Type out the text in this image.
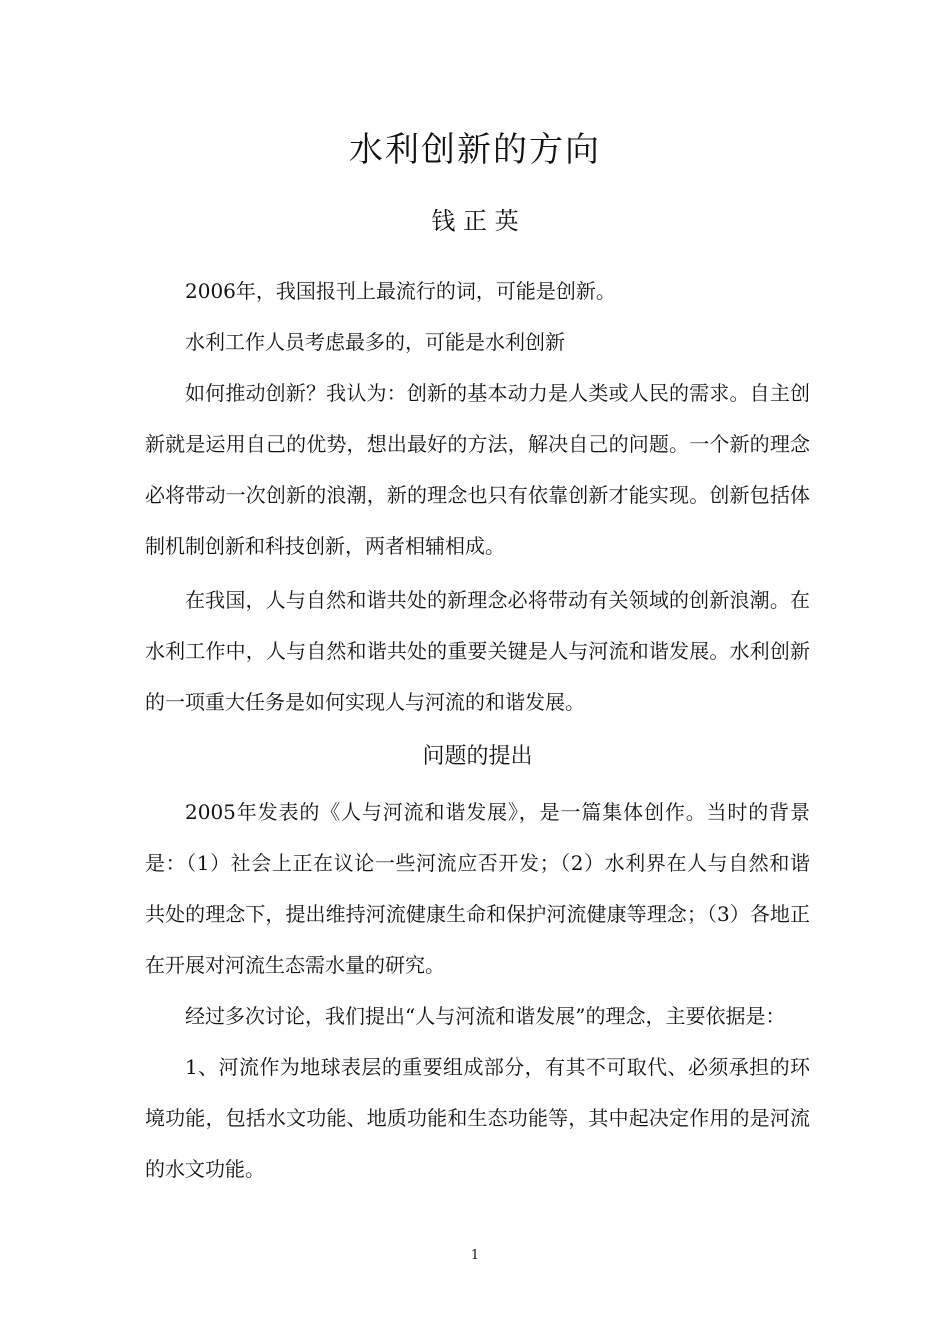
水利创新的方向
钱 正 英

2006年，我国报刊上最流行的词，可能是创新。

水利工作人员考虑最多的，可能是水利创新

如何推动创新？我认为：创新的基本动力是人类或人民的需求。自主创新就是运用自己的优势，想出最好的方法，解决自己的问题。一个新的理念必将带动一次创新的浪潮，新的理念也只有依靠创新才能实现。创新包括体制机制创新和科技创新，两者相辅相成。

在我国，人与自然和谐共处的新理念必将带动有关领域的创新浪潮。在水利工作中，人与自然和谐共处的重要关键是人与河流和谐发展。水利创新的一项重大任务是如何实现人与河流的和谐发展。

问题的提出

2005年发表的《人与河流和谐发展》，是一篇集体创作。当时的背景是：（1）社会上正在议论一些河流应否开发；（2）水利界在人与自然和谐共处的理念下，提出维持河流健康生命和保护河流健康等理念；（3）各地正在开展对河流生态需水量的研究。

经过多次讨论，我们提出“人与河流和谐发展”的理念，主要依据是：

1、河流作为地球表层的重要组成部分，有其不可取代、必须承担的环境功能，包括水文功能、地质功能和生态功能等，其中起决定作用的是河流的水文功能。

1
